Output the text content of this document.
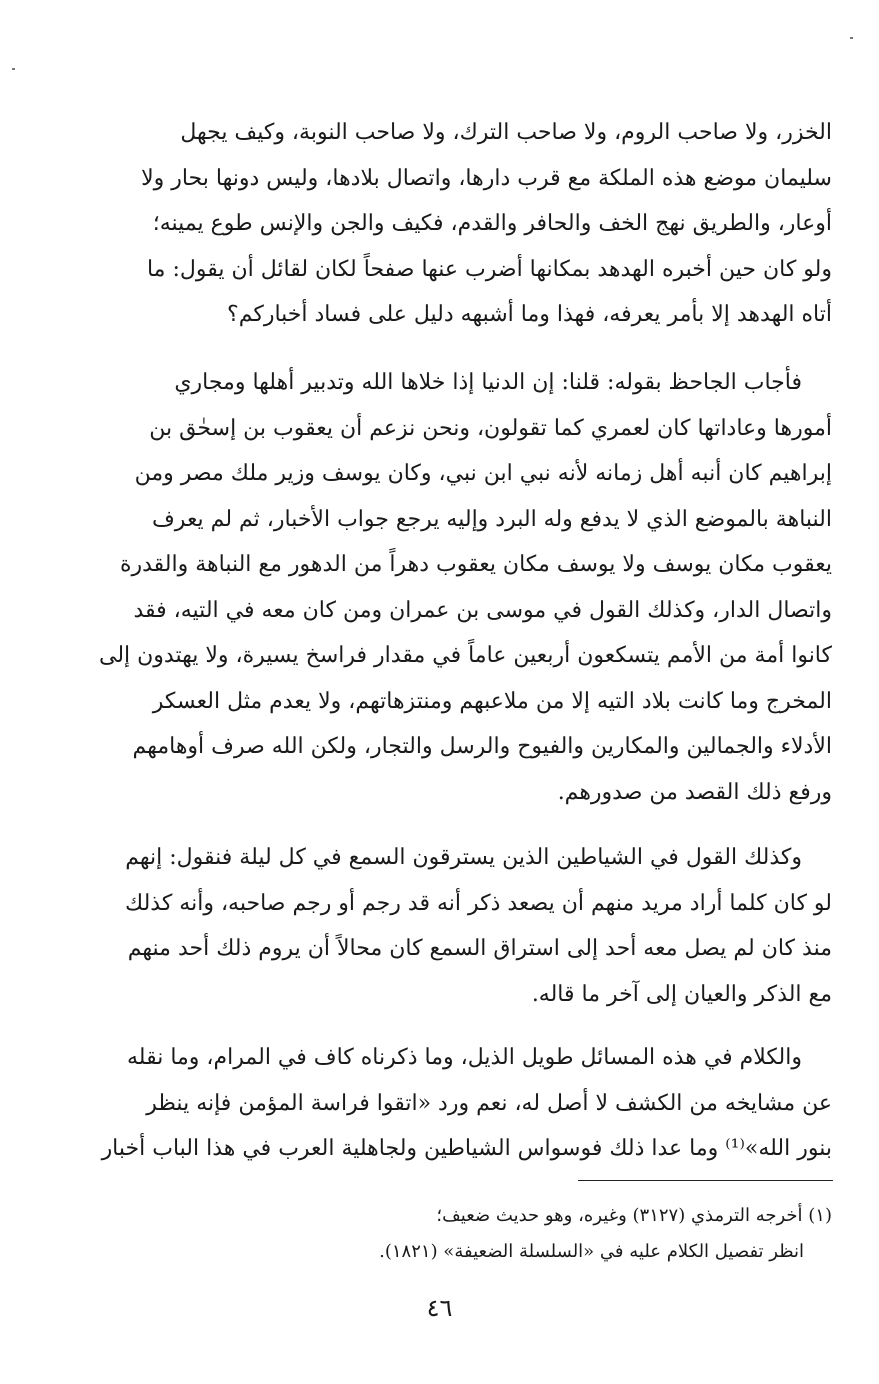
الخزر، ولا صاحب الروم، ولا صاحب الترك، ولا صاحب النوبة، وكيف يجهل
سليمان موضع هذه الملكة مع قرب دارها، واتصال بلادها، وليس دونها بحار ولا
أوعار، والطريق نهج الخف والحافر والقدم، فكيف والجن والإنس طوع يمينه؛
ولو كان حين أخبره الهدهد بمكانها أضرب عنها صفحاً لكان لقائل أن يقول: ما
أتاه الهدهد إلا بأمر يعرفه، فهذا وما أشبهه دليل على فساد أخباركم؟
فأجاب الجاحظ بقوله: قلنا: إن الدنيا إذا خلاها الله وتدبير أهلها ومجاري
أمورها وعاداتها كان لعمري كما تقولون، ونحن نزعم أن يعقوب بن إسحٰق بن
إبراهيم كان أنبه أهل زمانه لأنه نبي ابن نبي، وكان يوسف وزير ملك مصر ومن
النباهة بالموضع الذي لا يدفع وله البرد وإليه يرجع جواب الأخبار، ثم لم يعرف
يعقوب مكان يوسف ولا يوسف مكان يعقوب دهراً من الدهور مع النباهة والقدرة
واتصال الدار، وكذلك القول في موسى بن عمران ومن كان معه في التيه، فقد
كانوا أمة من الأمم يتسكعون أربعين عاماً في مقدار فراسخ يسيرة، ولا يهتدون إلى
المخرج وما كانت بلاد التيه إلا من ملاعبهم ومنتزهاتهم، ولا يعدم مثل العسكر
الأدلاء والجمالين والمكارين والفيوح والرسل والتجار، ولكن الله صرف أوهامهم
ورفع ذلك القصد من صدورهم.
وكذلك القول في الشياطين الذين يسترقون السمع في كل ليلة فنقول: إنهم
لو كان كلما أراد مريد منهم أن يصعد ذكر أنه قد رجم أو رجم صاحبه، وأنه كذلك
منذ كان لم يصل معه أحد إلى استراق السمع كان محالاً أن يروم ذلك أحد منهم
مع الذكر والعيان إلى آخر ما قاله.
والكلام في هذه المسائل طويل الذيل، وما ذكرناه كاف في المرام، وما نقله
عن مشايخه من الكشف لا أصل له، نعم ورد «اتقوا فراسة المؤمن فإنه ينظر
بنور الله»⁽¹⁾ وما عدا ذلك فوسواس الشياطين ولجاهلية العرب في هذا الباب أخبار
(١) أخرجه الترمذي (٣١٢٧) وغيره، وهو حديث ضعيف؛
انظر تفصيل الكلام عليه في «السلسلة الضعيفة» (١٨٢١).
٤٦
